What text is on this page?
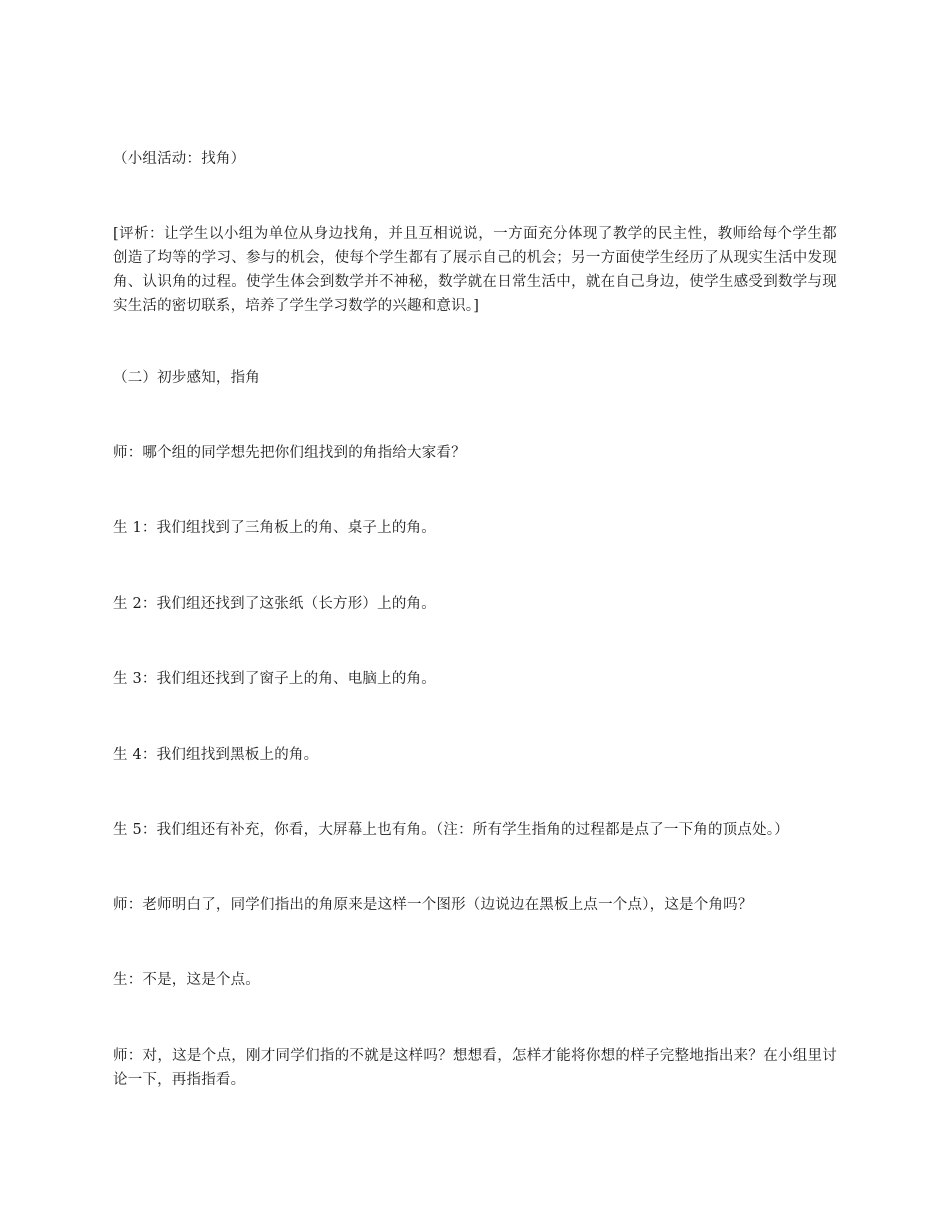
（小组活动：找角）

[评析：让学生以小组为单位从身边找角，并且互相说说，一方面充分体现了教学的民主性，教师给每个学生都创造了均等的学习、参与的机会，使每个学生都有了展示自己的机会；另一方面使学生经历了从现实生活中发现角、认识角的过程。使学生体会到数学并不神秘，数学就在日常生活中，就在自己身边，使学生感受到数学与现实生活的密切联系，培养了学生学习数学的兴趣和意识。]

（二）初步感知，指角

师：哪个组的同学想先把你们组找到的角指给大家看？

生 1：我们组找到了三角板上的角、桌子上的角。

生 2：我们组还找到了这张纸（长方形）上的角。

生 3：我们组还找到了窗子上的角、电脑上的角。

生 4：我们组找到黑板上的角。

生 5：我们组还有补充，你看，大屏幕上也有角。（注：所有学生指角的过程都是点了一下角的顶点处。）

师：老师明白了，同学们指出的角原来是这样一个图形（边说边在黑板上点一个点），这是个角吗？

生：不是，这是个点。

师：对，这是个点，刚才同学们指的不就是这样吗？想想看，怎样才能将你想的样子完整地指出来？在小组里讨论一下，再指指看。
